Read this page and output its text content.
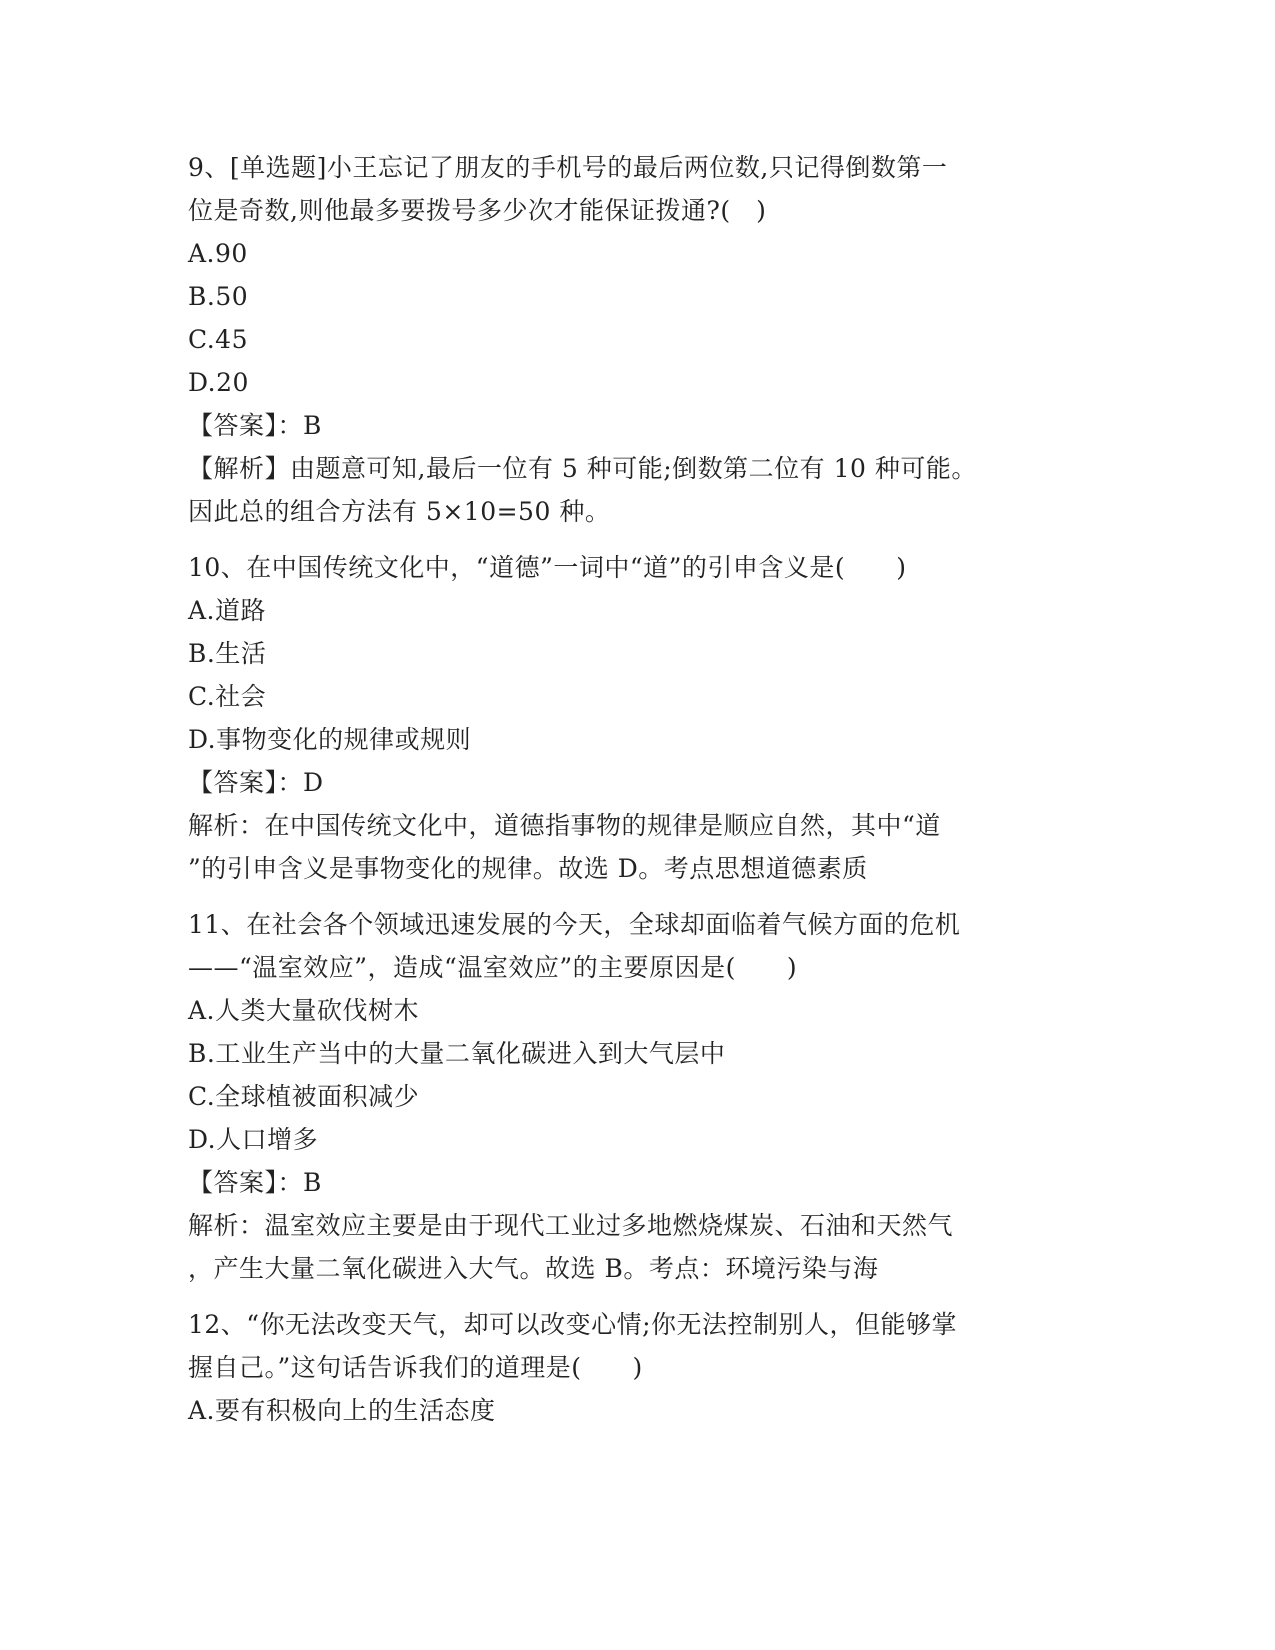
9、[单选题]小王忘记了朋友的手机号的最后两位数,只记得倒数第一
位是奇数,则他最多要拨号多少次才能保证拨通?(　)
A.90
B.50
C.45
D.20
【答案】：B
【解析】由题意可知,最后一位有 5 种可能;倒数第二位有 10 种可能。
因此总的组合方法有 5×10=50 种。
10、在中国传统文化中，“道德”一词中“道”的引申含义是(　　)
A.道路
B.生活
C.社会
D.事物变化的规律或规则
【答案】：D
解析：在中国传统文化中，道德指事物的规律是顺应自然，其中“道
”的引申含义是事物变化的规律。故选 D。考点思想道德素质
11、在社会各个领域迅速发展的今天，全球却面临着气候方面的危机
——“温室效应”，造成“温室效应”的主要原因是(　　)
A.人类大量砍伐树木
B.工业生产当中的大量二氧化碳进入到大气层中
C.全球植被面积减少
D.人口增多
【答案】：B
解析：温室效应主要是由于现代工业过多地燃烧煤炭、石油和天然气
，产生大量二氧化碳进入大气。故选 B。考点：环境污染与海
12、“你无法改变天气，却可以改变心情;你无法控制别人，但能够掌
握自己。”这句话告诉我们的道理是(　　)
A.要有积极向上的生活态度
